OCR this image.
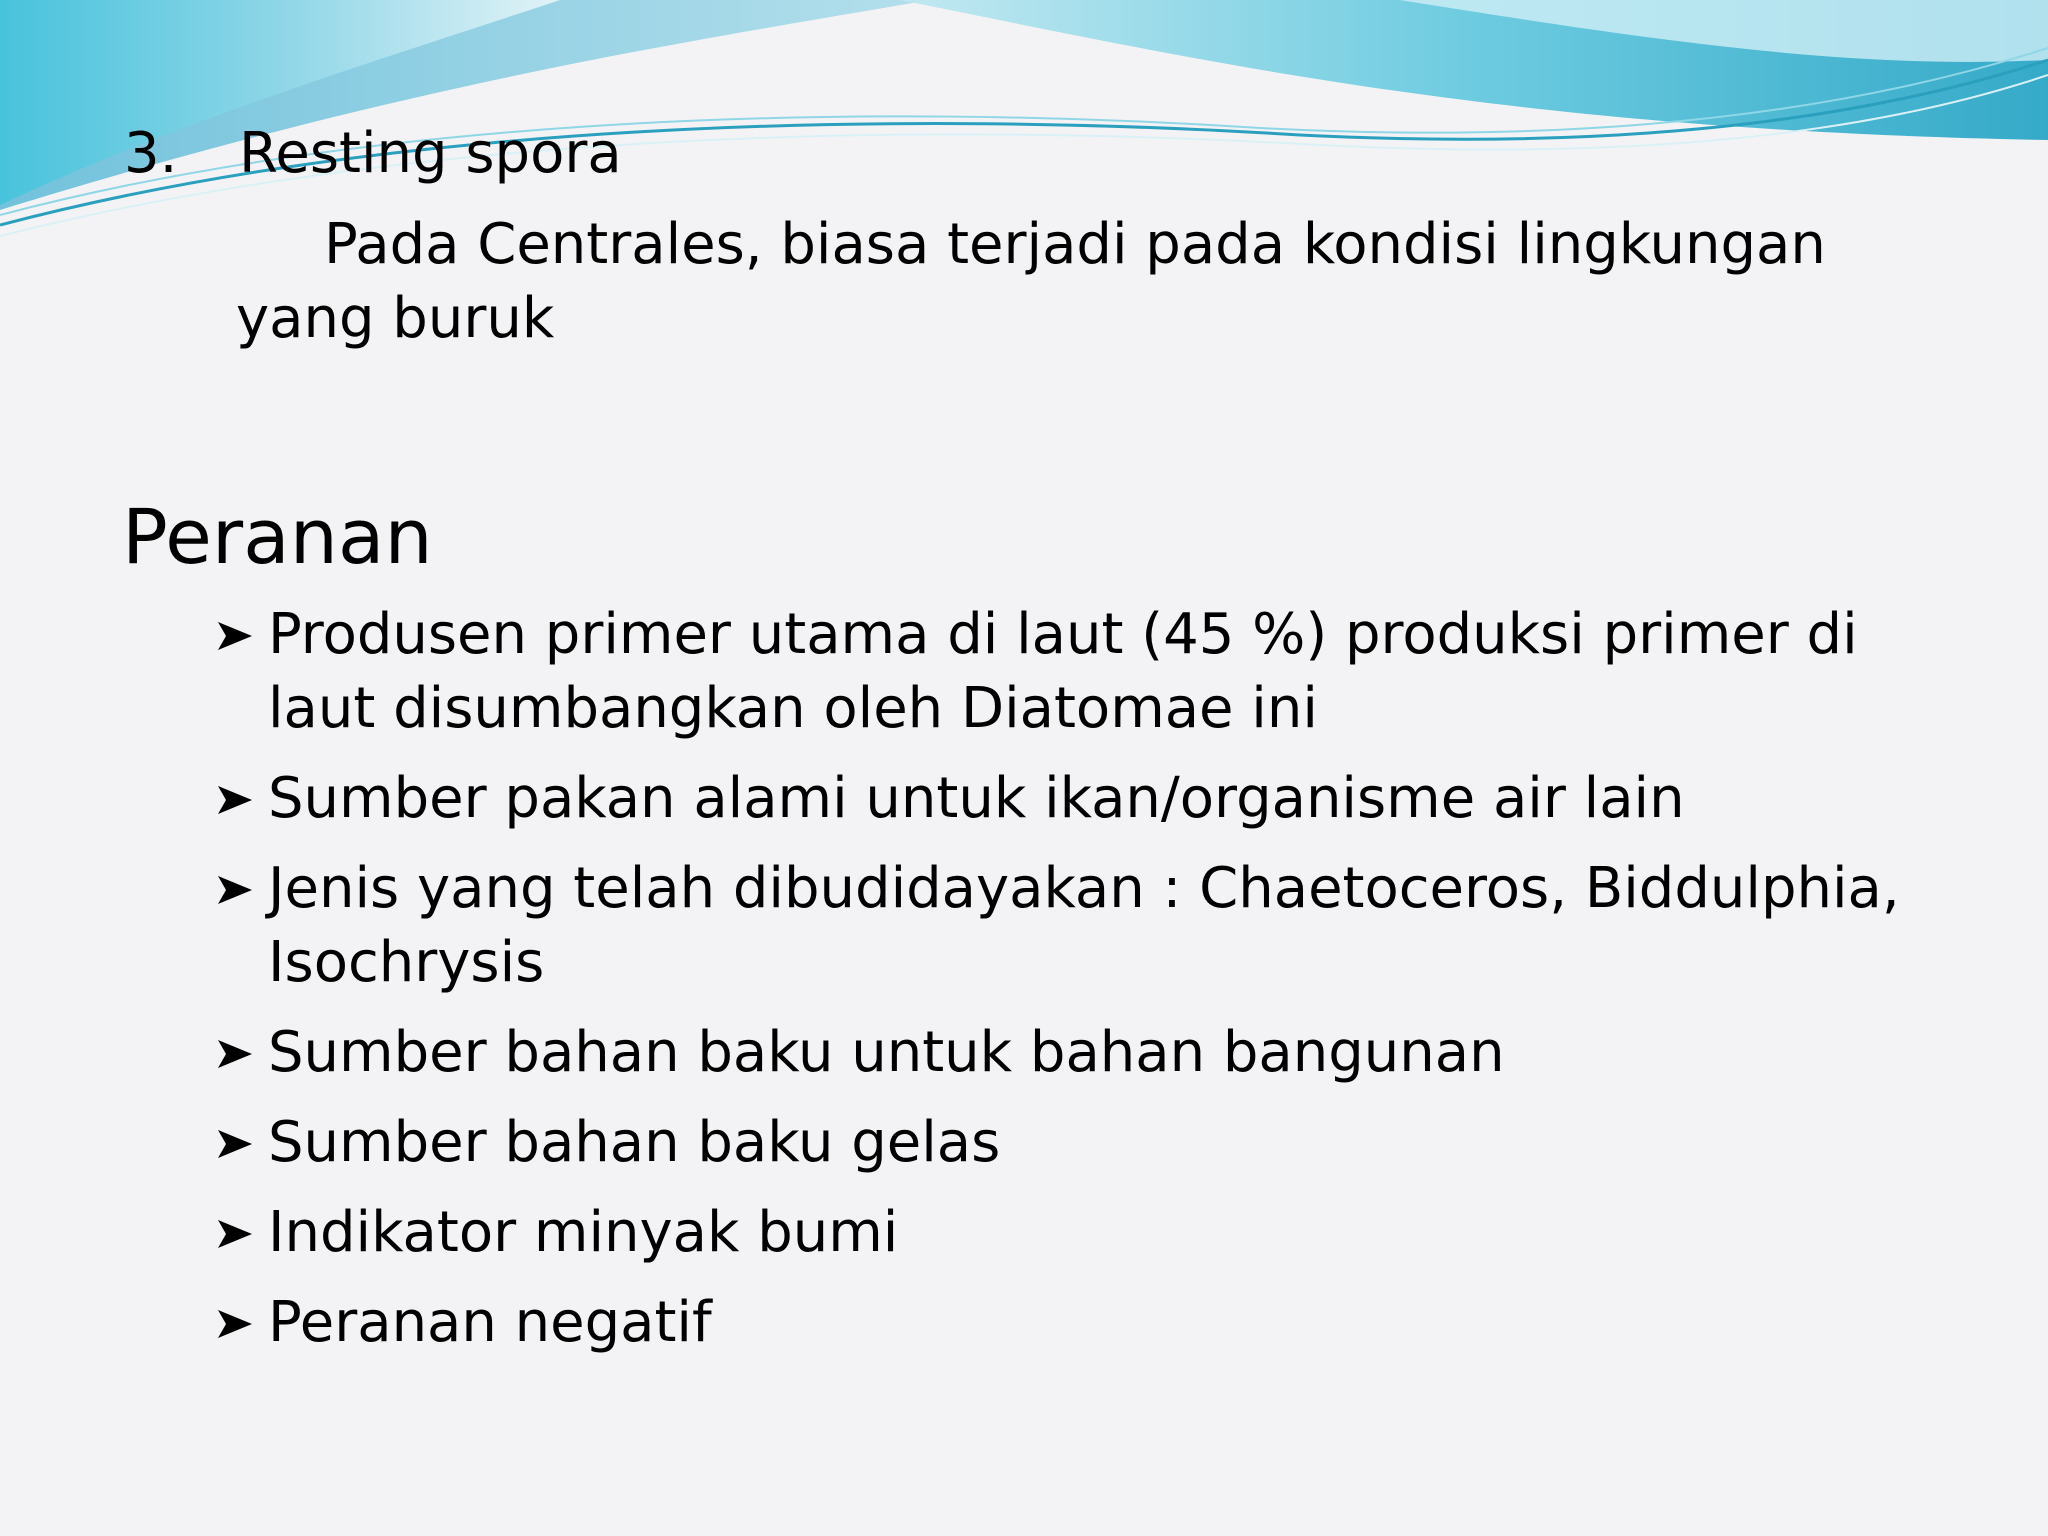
3. Resting spora
Pada Centrales, biasa terjadi pada kondisi lingkungan yang buruk
Peranan
Produsen primer utama di laut (45 %) produksi primer di laut disumbangkan oleh Diatomae ini
Sumber pakan alami untuk ikan/organisme air lain
Jenis yang telah dibudidayakan : Chaetoceros, Biddulphia, Isochrysis
Sumber bahan baku untuk bahan bangunan
Sumber bahan baku gelas
Indikator minyak bumi
Peranan negatif
